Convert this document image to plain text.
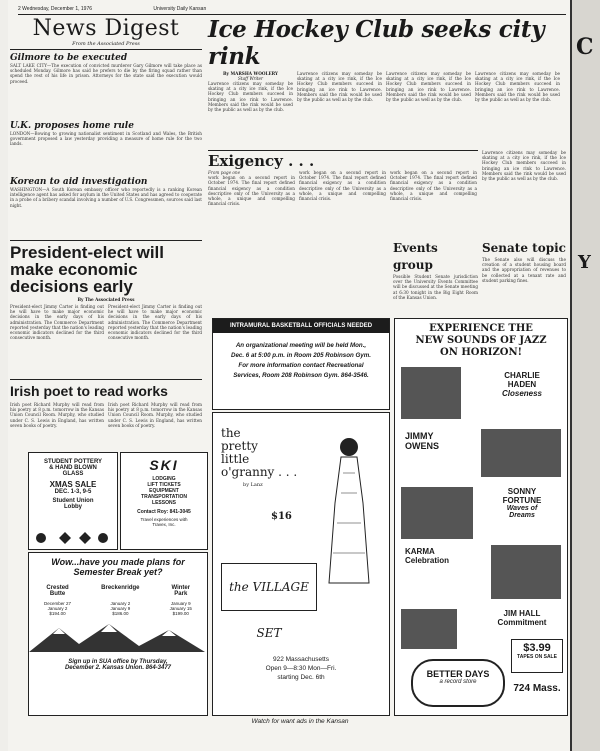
2 Wednesday, December 1, 1976	University Daily Kansan
News Digest
From the Associated Press
Gilmore to be executed
SALT LAKE CITY—The execution of convicted murderer Gary Gilmore will take place as scheduled Monday. Gilmore has said he prefers to die by the firing squad rather than spend the rest of his life in prison. Attorneys for the state said the execution would proceed.
U.K. proposes home rule
LONDON—Bowing to growing nationalist sentiment in Scotland and Wales, the British government proposed a law yesterday providing a measure of home rule for the two lands.
Korean to aid investigation
WASHINGTON—A South Korean embassy officer who reportedly is a ranking Korean intelligence agent has asked for asylum in the United States and has agreed to cooperate in a probe of a bribery scandal involving a number of U.S. Congressmen, sources said last night.
President-elect will make economic decisions early
By The Associated Press
President-elect Jimmy Carter is finding out he will have to make major economic decisions in the early days of his administration. The Commerce Department reported yesterday that the nation's leading economic indicators declined for the third consecutive month.
President-elect Jimmy Carter is finding out he will have to make major economic decisions in the early days of his administration. The Commerce Department reported yesterday that the nation's leading economic indicators declined for the third consecutive month.
Irish poet to read works
Irish poet Richard Murphy will read from his poetry at 8 p.m. tomorrow in the Kansas Union Council Room. Murphy, who studied under C. S. Lewis in England, has written seven books of poetry.
Irish poet Richard Murphy will read from his poetry at 8 p.m. tomorrow in the Kansas Union Council Room. Murphy, who studied under C. S. Lewis in England, has written seven books of poetry.
STUDENT POTTERY
& HAND BLOWN
GLASS
XMAS SALE
DEC. 1-3, 9-5
Student Union
Lobby
SKI
LODGING
LIFT TICKETS
EQUIPMENT
TRANSPORTATION
LESSONS
Contact Roy: 841-3045
Travel experiences with
Travex, Inc.
Wow...have you made plans for
Semester Break yet?
Crested
Butte
December 27
January 2
$194.00
Breckenridge
January 2
January 9
$186.00
Winter
Park
January 9
January 15
$199.00
Sign up in SUA office by Thursday,
December 2. Kansas Union. 864-3477
Ice Hockey Club seeks city rink
By MARSHA WOOLERY
Staff Writer
Lawrence citizens may someday be skating at a city ice rink, if the Ice Hockey Club members succeed in bringing an ice rink to Lawrence. Members said the rink would be used by the public as well as by the club.
Lawrence citizens may someday be skating at a city ice rink, if the Ice Hockey Club members succeed in bringing an ice rink to Lawrence. Members said the rink would be used by the public as well as by the club.
Lawrence citizens may someday be skating at a city ice rink, if the Ice Hockey Club members succeed in bringing an ice rink to Lawrence. Members said the rink would be used by the public as well as by the club.
Lawrence citizens may someday be skating at a city ice rink, if the Ice Hockey Club members succeed in bringing an ice rink to Lawrence. Members said the rink would be used by the public as well as by the club.
Exigency . . .
From page one
work began on a second report in October 1974. The final report defined financial exigency as a condition descriptive only of the University as a whole, a unique and compelling financial crisis.
work began on a second report in October 1974. The final report defined financial exigency as a condition descriptive only of the University as a whole, a unique and compelling financial crisis.
work began on a second report in October 1974. The final report defined financial exigency as a condition descriptive only of the University as a whole, a unique and compelling financial crisis.
Events group
Possible Student Senate jurisdiction over the University Events Committee will be discussed at the Senate meeting at 6:30 tonight in the Big Eight Room of the Kansas Union.
Lawrence citizens may someday be skating at a city ice rink, if the Ice Hockey Club members succeed in bringing an ice rink to Lawrence. Members said the rink would be used by the public as well as by the club.
Senate topic
The Senate also will discuss the creation of a student housing board and the appropriation of revenues to be collected at a tenant rate and student parking fines.
INTRAMURAL BASKETBALL OFFICIALS NEEDED
An organizational meeting will be held Mon.,
Dec. 6 at 5:00 p.m. in Room 205 Robinson Gym.
For more information contact Recreational
Services, Room 208 Robinson Gym. 864-3546.
the
pretty
little
o'granny . . .
by Lanz
$16
the VILLAGE SET
922 Massachusetts
Open 9—8:30 Mon—Fri.
starting Dec. 6th
Watch for want ads in the Kansan
EXPERIENCE THE
NEW SOUNDS OF JAZZ
ON HORIZON!
CHARLIE
HADEN
Closeness
JIMMY
OWENS
SONNY
FORTUNE
Waves of
Dreams
KARMA
Celebration
JIM HALL
Commitment
$3.99
TAPES ON SALE
BETTER DAYS
a record store
724 Mass.
C
Y
